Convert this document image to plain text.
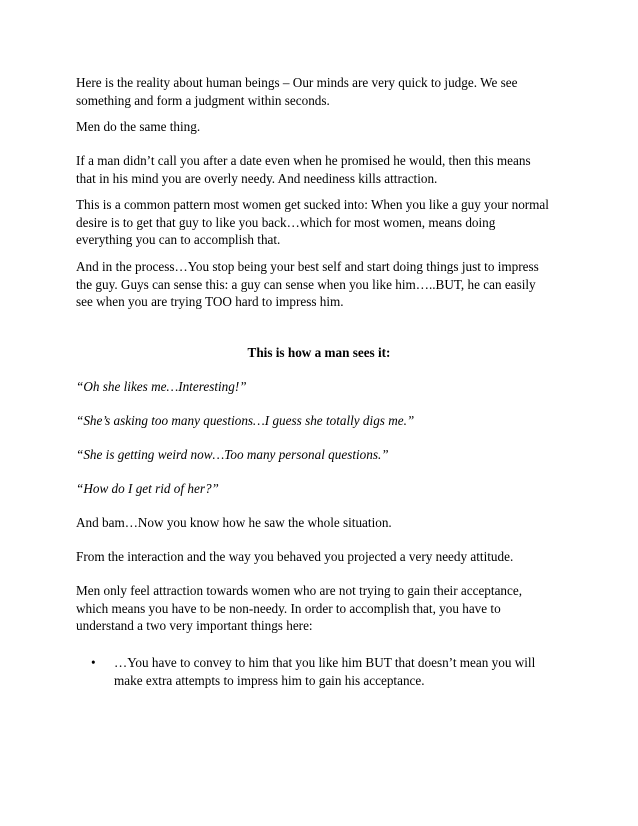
Here is the reality about human beings – Our minds are very quick to judge. We see
something and form a judgment within seconds.

Men do the same thing.

If a man didn’t call you after a date even when he promised he would, then this means
that in his mind you are overly needy. And neediness kills attraction.

This is a common pattern most women get sucked into: When you like a guy your normal
desire is to get that guy to like you back…which for most women, means doing
everything you can to accomplish that.

And in the process…You stop being your best self and start doing things just to impress
the guy. Guys can sense this: a guy can sense when you like him…..BUT, he can easily
see when you are trying TOO hard to impress him.

This is how a man sees it:

“Oh she likes me…Interesting!”

“She’s asking too many questions…I guess she totally digs me.”

“She is getting weird now…Too many personal questions.”

“How do I get rid of her?”

And bam…Now you know how he saw the whole situation.

From the interaction and the way you behaved you projected a very needy attitude.

Men only feel attraction towards women who are not trying to gain their acceptance,
which means you have to be non-needy. In order to accomplish that, you have to
understand a two very important things here:

•	…You have to convey to him that you like him BUT that doesn’t mean you will
make extra attempts to impress him to gain his acceptance.
